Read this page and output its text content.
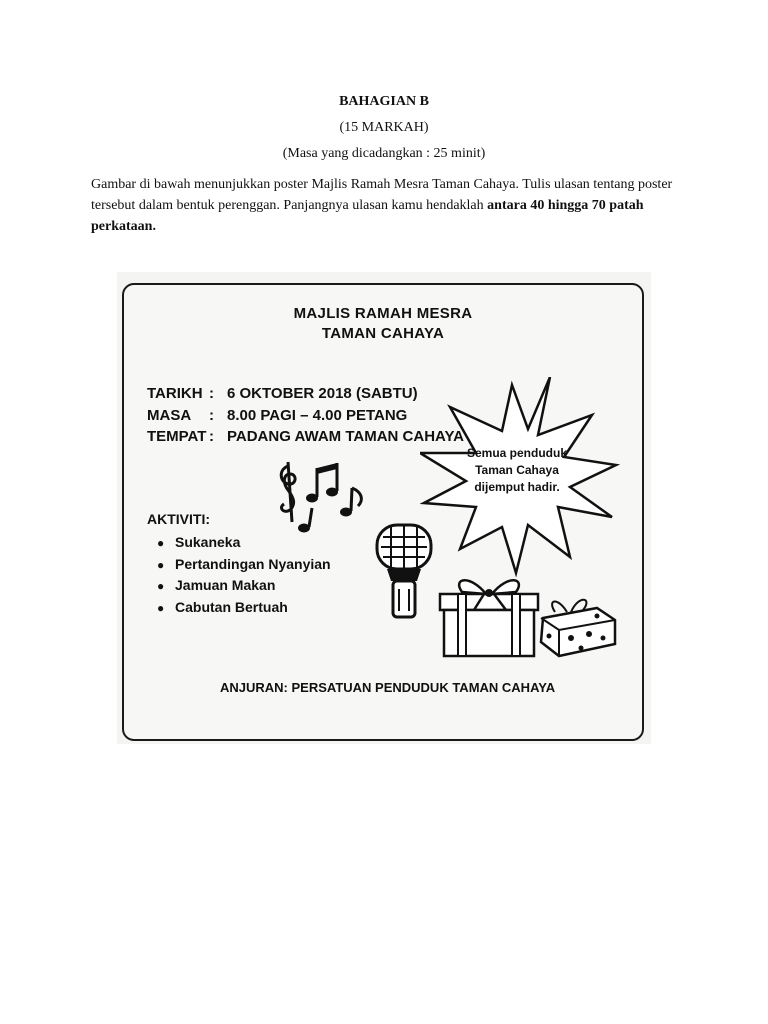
BAHAGIAN B
(15 MARKAH)
(Masa yang dicadangkan : 25 minit)
Gambar di bawah menunjukkan poster Majlis Ramah Mesra Taman Cahaya. Tulis ulasan tentang poster tersebut dalam bentuk perenggan. Panjangnya ulasan kamu hendaklah antara 40 hingga 70 patah perkataan.
MAJLIS RAMAH MESRA
TAMAN CAHAYA
TARIKH : 6 OKTOBER 2018 (SABTU)
MASA : 8.00 PAGI – 4.00 PETANG
TEMPAT : PADANG AWAM TAMAN CAHAYA
Semua penduduk
Taman Cahaya
dijemput hadir.
AKTIVITI:
● Sukaneka
● Pertandingan Nyanyian
● Jamuan Makan
● Cabutan Bertuah
ANJURAN: PERSATUAN PENDUDUK TAMAN CAHAYA
